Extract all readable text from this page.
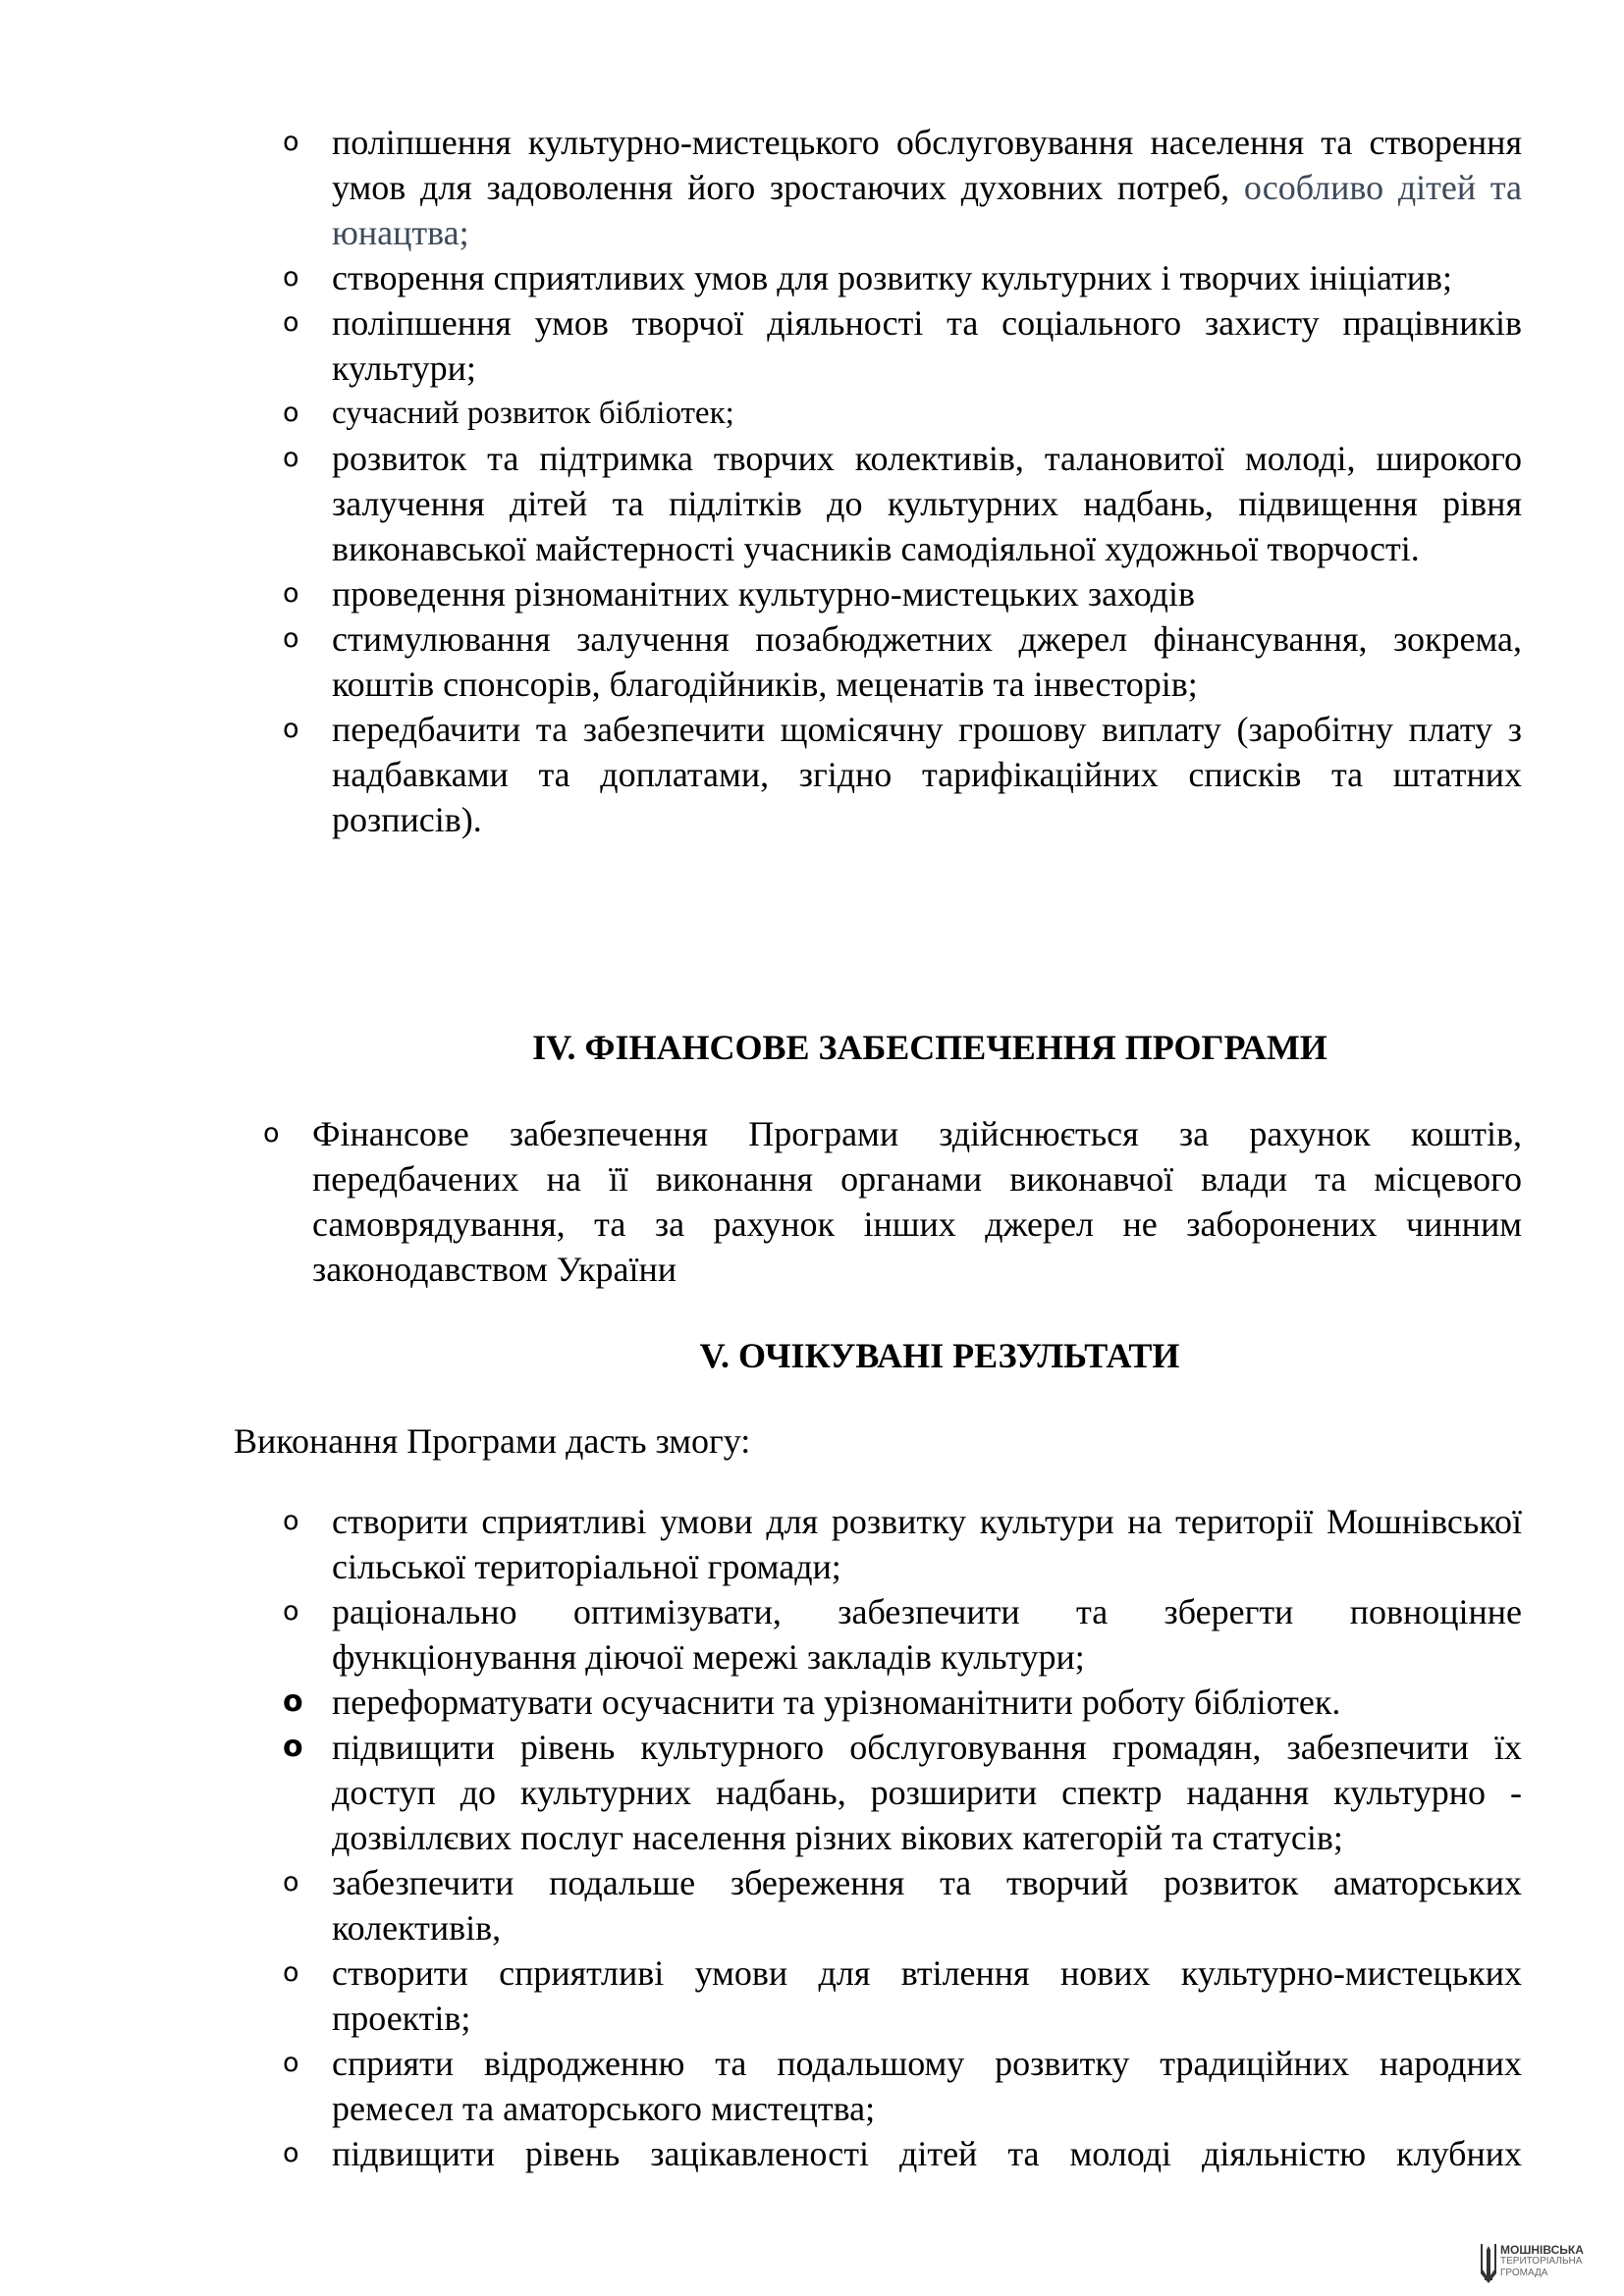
o поліпшення культурно-мистецького обслуговування населення та створення умов для задоволення його зростаючих духовних потреб, особливо дітей та юнацтва;
o створення сприятливих умов для розвитку культурних і творчих ініціатив;
o поліпшення умов творчої діяльності та соціального захисту працівників культури;
o сучасний розвиток бібліотек;
o розвиток та підтримка творчих колективів, талановитої молоді, широкого залучення дітей та підлітків до культурних надбань, підвищення рівня виконавської майстерності учасників самодіяльної художньої творчості.
o проведення різноманітних культурно-мистецьких заходів
o стимулювання залучення позабюджетних джерел фінансування, зокрема, коштів спонсорів, благодійників, меценатів та інвесторів;
o передбачити та забезпечити щомісячну грошову виплату (заробітну плату з надбавками та доплатами, згідно тарифікаційних списків та штатних розписів).
IV. ФІНАНСОВЕ ЗАБЕСПЕЧЕННЯ ПРОГРАМИ
o Фінансове забезпечення Програми здійснюється за рахунок коштів, передбачених на її виконання органами виконавчої влади та місцевого самоврядування, та за рахунок інших джерел не заборонених чинним законодавством України
V. ОЧІКУВАНІ РЕЗУЛЬТАТИ

Виконання Програми дасть змогу:

o створити сприятливі умови для розвитку культури на території Мошнівської сільської територіальної громади;
o раціонально оптимізувати, забезпечити та зберегти повноцінне функціонування діючої мережі закладів культури;
o переформатувати осучаснити та урізноманітнити роботу бібліотек.
o підвищити рівень культурного обслуговування громадян, забезпечити їх доступ до культурних надбань, розширити спектр надання культурно - дозвіллєвих послуг населення різних вікових категорій та статусів;
o забезпечити подальше збереження та творчий розвиток аматорських колективів,
o створити сприятливі умови для втілення нових культурно-мистецьких проектів;
o сприяти відродженню та подальшому розвитку традиційних народних ремесел та аматорського мистецтва;
o підвищити рівень зацікавленості дітей та молоді діяльністю клубних
МОШНІВСЬКА
ТЕРИТОРІАЛЬНА
ГРОМАДА
